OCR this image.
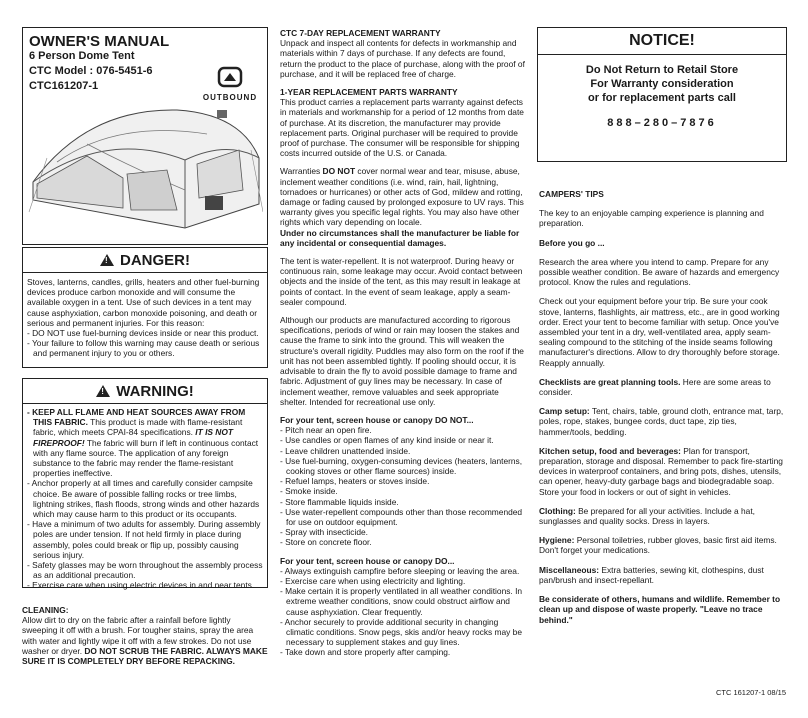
OWNER'S MANUAL
6 Person Dome Tent
CTC Model : 076-5451-6
CTC161207-1
OUTBOUND
! DANGER!

Stoves, lanterns, candles, grills, heaters and other fuel-burning devices produce carbon monoxide and will consume the available oxygen in a tent. Use of such devices in a tent may cause asphyxiation, carbon monoxide poisoning, and death or serious and permanent injuries. For this reason:

- DO NOT use fuel-burning devices inside or near this product.
- Your failure to follow this warning may cause death or serious and permanent injury to you or others.
! WARNING!
- KEEP ALL FLAME AND HEAT SOURCES AWAY FROM THIS FABRIC. This product is made with flame-resistant fabric, which meets CPAI-84 specifications. IT IS NOT FIREPROOF! The fabric will burn if left in continuous contact with any flame source. The application of any foreign substance to the fabric may render the flame-resistant properties ineffective.
- Anchor properly at all times and carefully consider campsite choice. Be aware of possible falling rocks or tree limbs, lightning strikes, flash floods, strong winds and other hazards which may cause harm to this product or its occupants.
- Have a minimum of two adults for assembly. During assembly poles are under tension. If not held firmly in place during assembly, poles could break or flip up, possibly causing serious injury.
- Safety glasses may be worn throughout the assembly process as an additional precaution.
- Exercise care when using electric devices in and near tents.

CLEANING:

Allow dirt to dry on the fabric after a rainfall before lightly sweeping it off with a brush. For tougher stains, spray the area with water and lightly wipe it off with a few strokes. Do not use washer or dryer. DO NOT SCRUB THE FABRIC. ALWAYS MAKE SURE IT IS COMPLETELY DRY BEFORE REPACKING.

CTC 7-DAY REPLACEMENT WARRANTY

Unpack and inspect all contents for defects in workmanship and materials within 7 days of purchase. If any defects are found, return the product to the place of purchase, along with the proof of purchase, and it will be replaced free of charge.

1-YEAR REPLACEMENT PARTS WARRANTY

This product carries a replacement parts warranty against defects in materials and workmanship for a period of 12 months from date of purchase. At its discretion, the manufacturer may provide replacement parts. Original purchaser will be required to provide proof of purchase. The consumer will be responsible for shipping costs incurred outside of the U.S. or Canada.

Warranties DO NOT cover normal wear and tear, misuse, abuse, inclement weather conditions (i.e. wind, rain, hail, lightning, tornadoes or hurricanes) or other acts of God, mildew and rotting, damage or fading caused by prolonged exposure to UV rays. This warranty gives you specific legal rights. You may also have other rights which vary depending on locale.

Under no circumstances shall the manufacturer be liable for any incidental or consequential damages.

The tent is water-repellent. It is not waterproof. During heavy or continuous rain, some leakage may occur. Avoid contact between objects and the inside of the tent, as this may result in leakage at points of contact. In the event of seam leakage, apply a seam-sealer compound.

Although our products are manufactured according to rigorous specifications, periods of wind or rain may loosen the stakes and cause the frame to sink into the ground. This will weaken the structure's overall rigidity. Puddles may also form on the roof if the unit has not been assembled tightly. If pooling should occur, it is advisable to drain the fly to avoid possible damage to frame and fabric. Adjustment of guy lines may be necessary. In case of inclement weather, remove valuables and seek appropriate shelter. Intended for recreational use only.

For your tent, screen house or canopy DO NOT...

- Pitch near an open fire.
- Use candles or open flames of any kind inside or near it.
- Leave children unattended inside.
- Use fuel-burning, oxygen-consuming devices (heaters, lanterns, cooking stoves or other flame sources) inside.
- Refuel lamps, heaters or stoves inside.
- Smoke inside.
- Store flammable liquids inside.
- Use water-repellent compounds other than those recommended for use on outdoor equipment.
- Spray with insecticide.
- Store on concrete floor.

For your tent, screen house or canopy DO...

- Always extinguish campfire before sleeping or leaving the area.
- Exercise care when using electricity and lighting.
- Make certain it is properly ventilated in all weather conditions. In extreme weather conditions, snow could obstruct airflow and cause asphyxiation. Clear frequently.
- Anchor securely to provide additional security in changing climatic conditions. Snow pegs, skis and/or heavy rocks may be necessary to supplement stakes and guy lines.
- Take down and store properly after camping.
NOTICE!
Do Not Return to Retail Store
For Warranty consideration
or for replacement parts call
888–280–7876

CAMPERS' TIPS

The key to an enjoyable camping experience is planning and preparation.

Before you go ...

Research the area where you intend to camp. Prepare for any possible weather condition. Be aware of hazards and emergency protocol. Know the rules and regulations.

Check out your equipment before your trip. Be sure your cook stove, lanterns, flashlights, air mattress, etc., are in good working order. Erect your tent to become familiar with setup. Once you've assembled your tent in a dry, well-ventilated area, apply seam-sealing compound to the stitching of the inside seams following manufacturer's directions. Allow to dry thoroughly before storage. Reapply annually.

Checklists are great planning tools. Here are some areas to consider.

Camp setup: Tent, chairs, table, ground cloth, entrance mat, tarp, poles, rope, stakes, bungee cords, duct tape, zip ties, hammer/tools, bedding.

Kitchen setup, food and beverages: Plan for transport, preparation, storage and disposal. Remember to pack fire-starting devices in waterproof containers, and bring pots, dishes, utensils, can opener, heavy-duty garbage bags and biodegradable soap. Store your food in lockers or out of sight in vehicles.

Clothing: Be prepared for all your activities. Include a hat, sunglasses and quality socks. Dress in layers.

Hygiene: Personal toiletries, rubber gloves, basic first aid items. Don't forget your medications.

Miscellaneous: Extra batteries, sewing kit, clothespins, dust pan/brush and insect-repellant.

Be considerate of others, humans and wildlife. Remember to clean up and dispose of waste properly. "Leave no trace behind."

CTC 161207-1 08/15
